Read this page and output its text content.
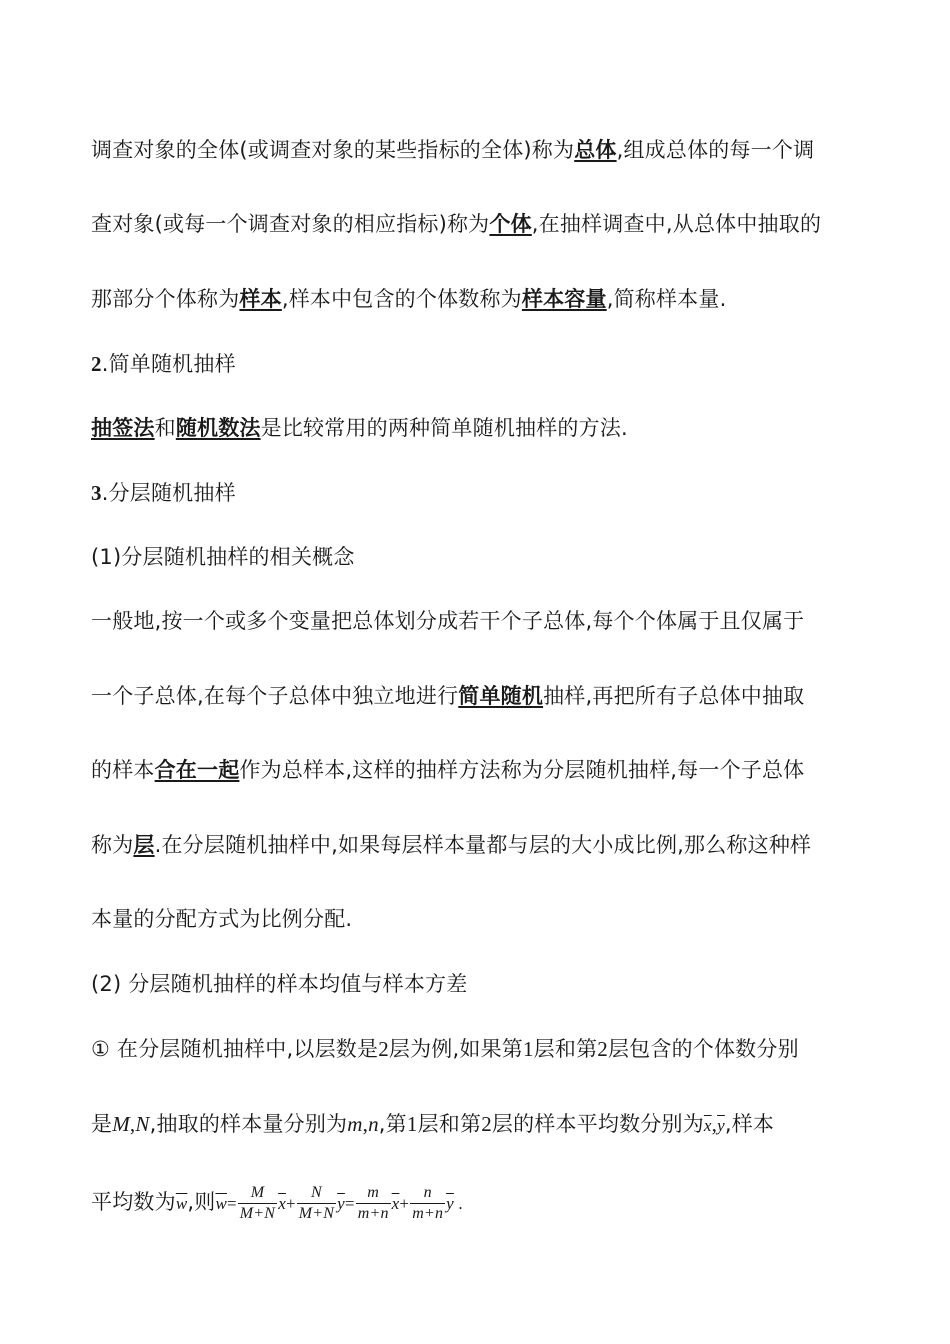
调查对象的全体(或调查对象的某些指标的全体)称为总体,组成总体的每一个调
查对象(或每一个调查对象的相应指标)称为个体,在抽样调查中,从总体中抽取的
那部分个体称为样本,样本中包含的个体数称为样本容量,简称样本量.
2.简单随机抽样
抽签法和随机数法是比较常用的两种简单随机抽样的方法.
3.分层随机抽样
(1)分层随机抽样的相关概念
一般地,按一个或多个变量把总体划分成若干个子总体,每个个体属于且仅属于
一个子总体,在每个子总体中独立地进行简单随机抽样,再把所有子总体中抽取
的样本合在一起作为总样本,这样的抽样方法称为分层随机抽样,每一个子总体
称为层.在分层随机抽样中,如果每层样本量都与层的大小成比例,那么称这种样
本量的分配方式为比例分配.
(2) 分层随机抽样的样本均值与样本方差
① 在分层随机抽样中,以层数是2层为例,如果第1层和第2层包含的个体数分别
是M,N,抽取的样本量分别为m,n,第1层和第2层的样本平均数分别为$\overline{x},\overline{y}$,样本
平均数为$\overline{w}$,则$\overline{w}= \frac{M}{M+N} \overline{x}+ \frac{N}{M+N} \overline{y}= \frac{m}{m+n} \overline{x}+ \frac{n}{m+n} \overline{y}$ .
